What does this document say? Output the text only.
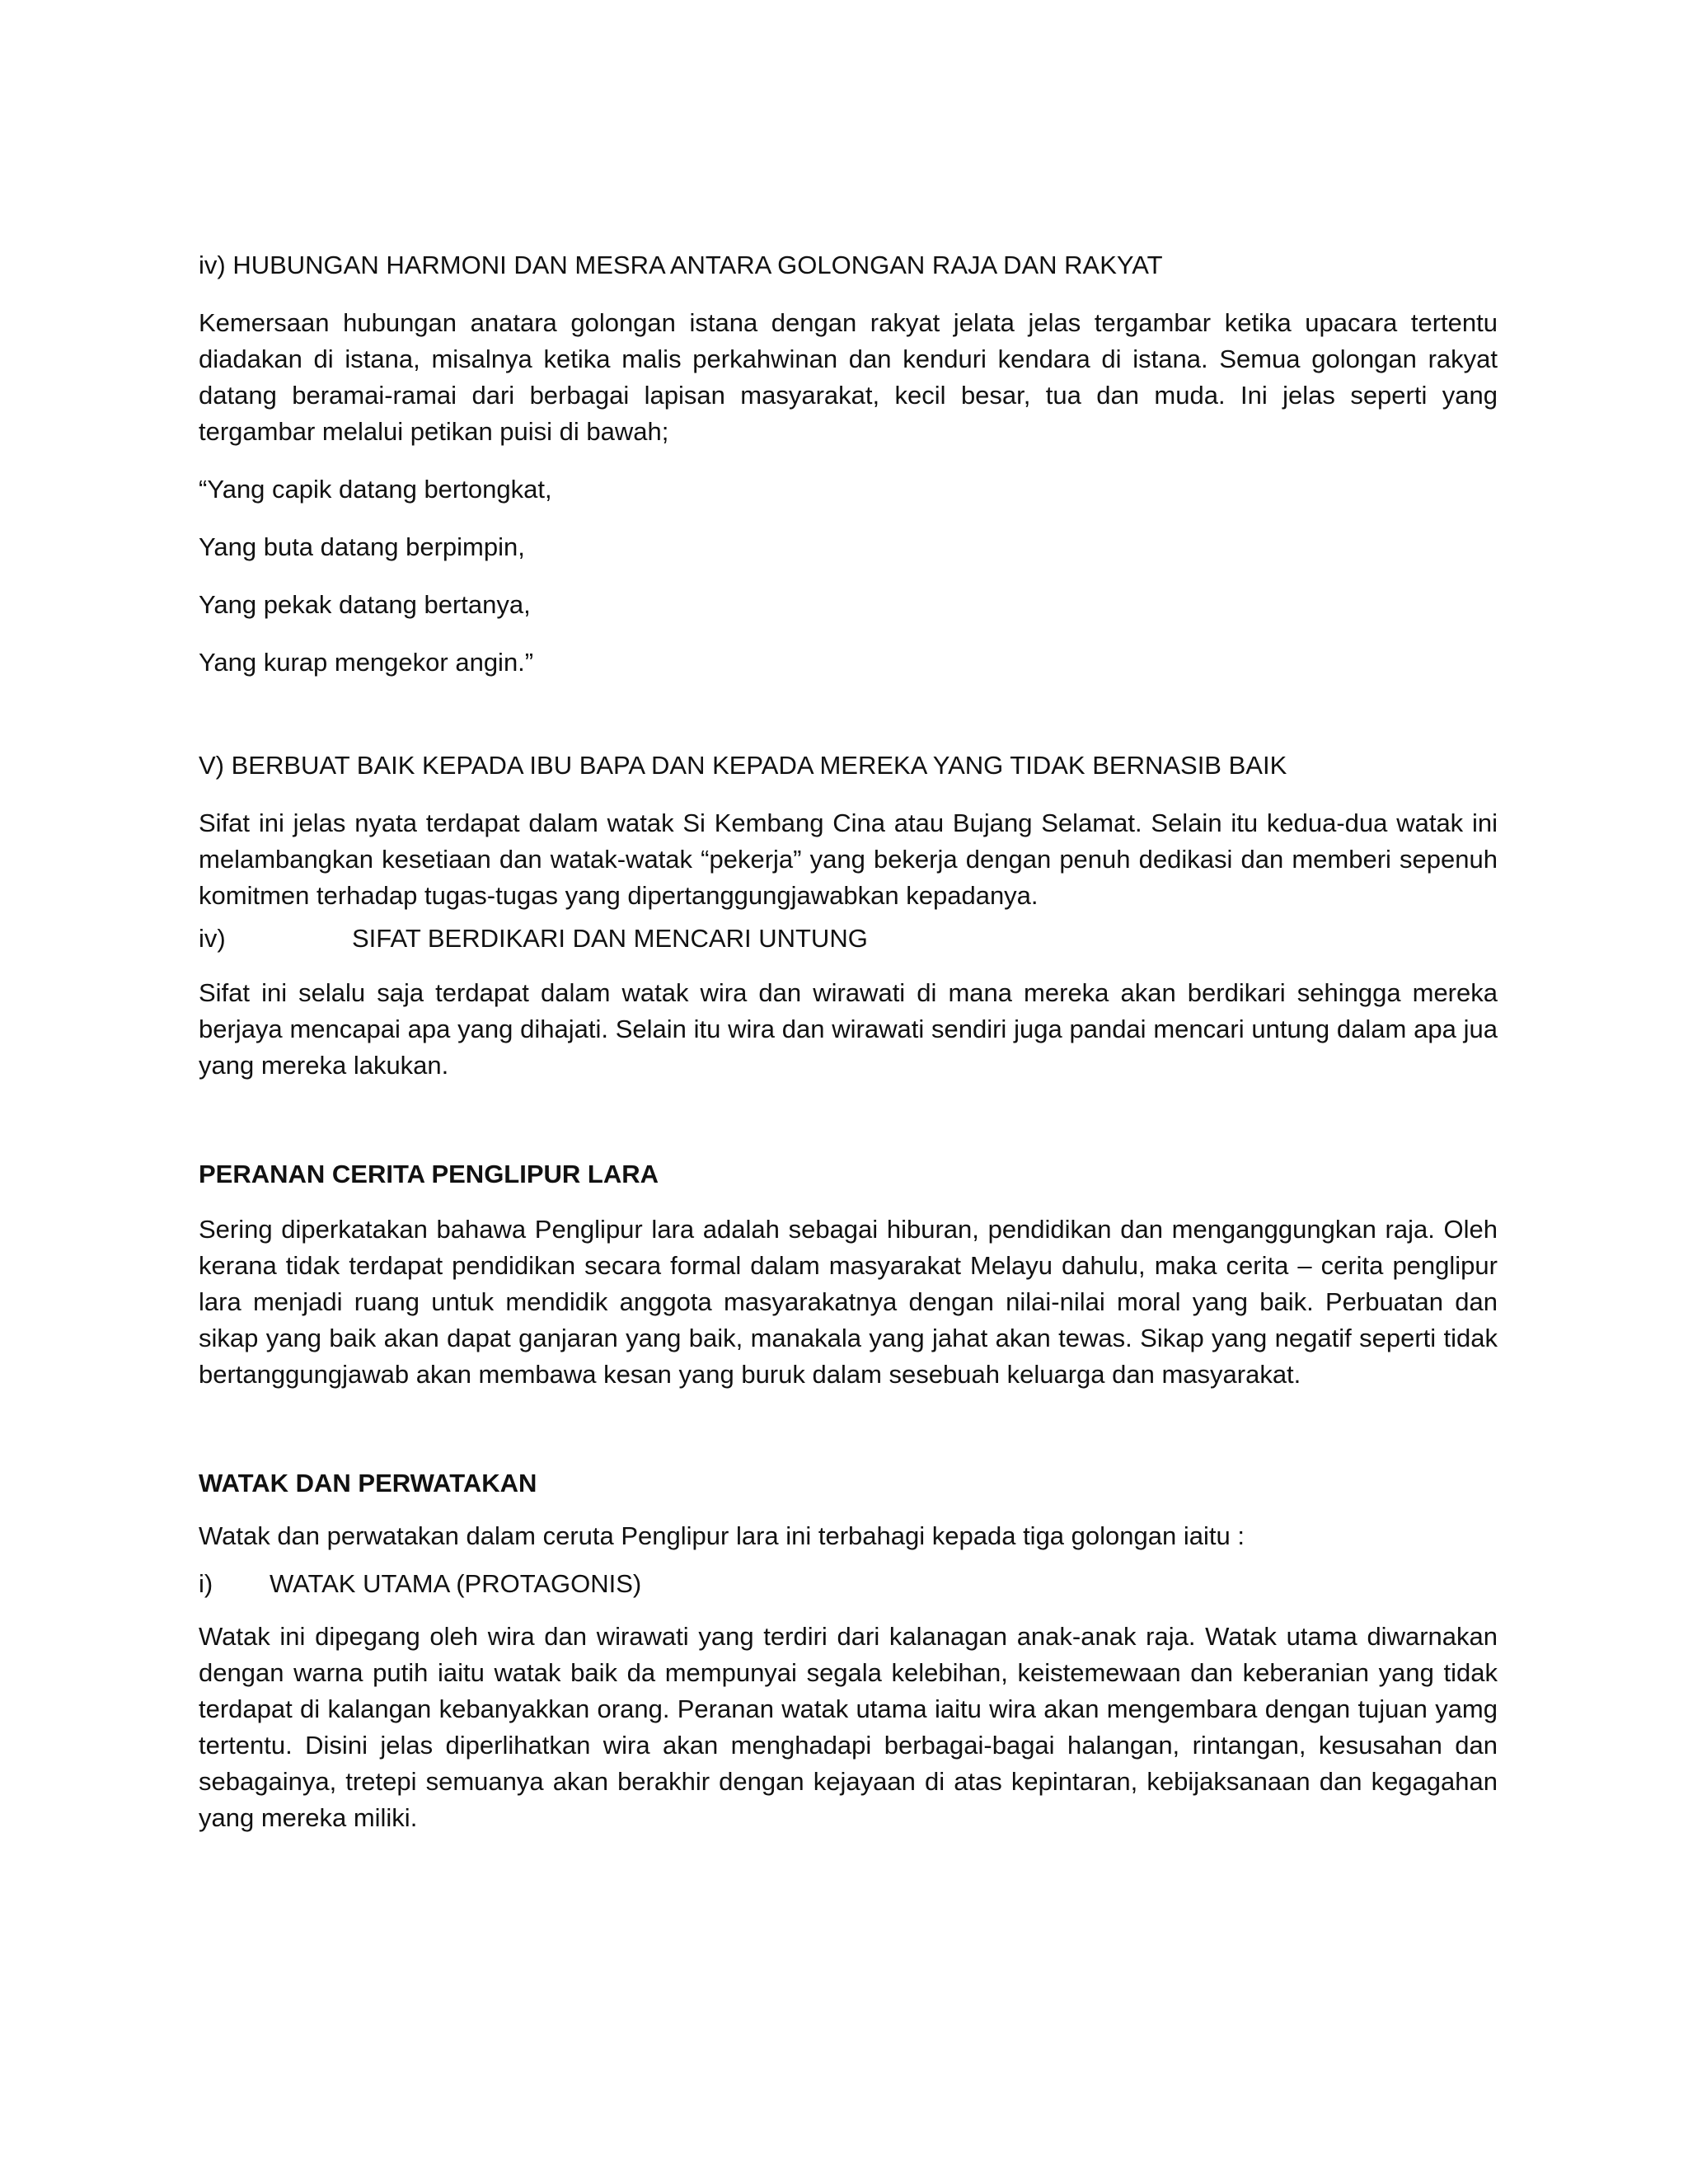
iv) HUBUNGAN HARMONI DAN MESRA ANTARA GOLONGAN RAJA DAN RAKYAT

Kemersaan hubungan anatara golongan istana dengan rakyat jelata jelas tergambar ketika upacara tertentu diadakan di istana, misalnya ketika malis perkahwinan dan kenduri kendara di istana. Semua golongan rakyat datang beramai-ramai dari berbagai lapisan masyarakat, kecil besar, tua dan muda. Ini jelas seperti yang tergambar melalui petikan puisi di bawah;

“Yang capik datang bertongkat,

Yang buta datang berpimpin,

Yang pekak datang bertanya,

Yang kurap mengekor angin.”

V) BERBUAT BAIK KEPADA IBU BAPA DAN KEPADA MEREKA YANG TIDAK BERNASIB BAIK

Sifat ini jelas nyata terdapat dalam watak Si Kembang Cina atau Bujang Selamat. Selain itu kedua-dua watak ini melambangkan kesetiaan dan watak-watak “pekerja” yang bekerja dengan penuh dedikasi dan memberi sepenuh komitmen terhadap tugas-tugas yang dipertanggungjawabkan kepadanya.

iv)	SIFAT BERDIKARI DAN MENCARI UNTUNG

Sifat ini selalu saja terdapat dalam watak wira dan wirawati di mana mereka akan berdikari sehingga mereka berjaya mencapai apa yang dihajati. Selain itu wira dan wirawati sendiri juga pandai mencari untung dalam apa jua yang mereka lakukan.

PERANAN CERITA PENGLIPUR LARA

Sering diperkatakan bahawa Penglipur lara adalah sebagai hiburan, pendidikan dan menganggungkan raja. Oleh kerana tidak terdapat pendidikan secara formal dalam masyarakat Melayu dahulu, maka cerita – cerita penglipur lara menjadi ruang untuk mendidik anggota masyarakatnya dengan nilai-nilai moral yang baik. Perbuatan dan sikap yang baik akan dapat ganjaran yang baik, manakala yang jahat akan tewas. Sikap yang negatif seperti tidak bertanggungjawab akan membawa kesan yang buruk dalam sesebuah keluarga dan masyarakat.

WATAK DAN PERWATAKAN

Watak dan perwatakan dalam ceruta Penglipur lara ini terbahagi kepada tiga golongan iaitu :

i)	WATAK UTAMA (PROTAGONIS)

Watak ini dipegang oleh wira dan wirawati yang terdiri dari kalanagan anak-anak raja. Watak utama diwarnakan dengan warna putih iaitu watak baik da mempunyai segala kelebihan, keistemewaan dan keberanian yang tidak terdapat di kalangan kebanyakkan orang. Peranan watak utama iaitu wira akan mengembara dengan tujuan yamg tertentu. Disini jelas diperlihatkan wira akan menghadapi berbagai-bagai halangan, rintangan, kesusahan dan sebagainya, tretepi semuanya akan berakhir dengan kejayaan di atas kepintaran, kebijaksanaan dan kegagahan yang mereka miliki.
